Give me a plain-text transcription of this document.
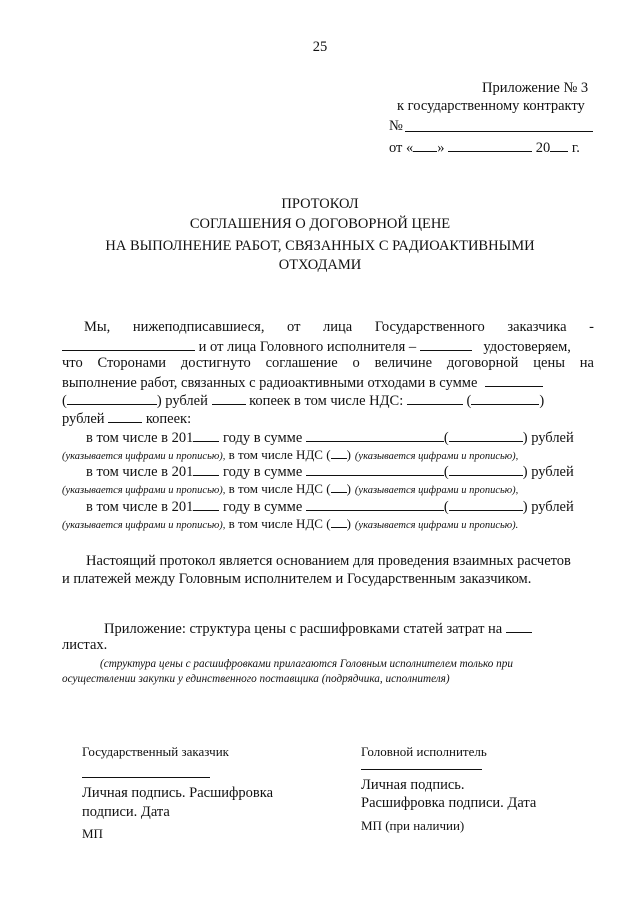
25
Приложение № 3
к государственному контракту
№
от « »	20 г.
ПРОТОКОЛ
СОГЛАШЕНИЯ О ДОГОВОРНОЙ ЦЕНЕ
НА ВЫПОЛНЕНИЕ РАБОТ, СВЯЗАННЫХ С РАДИОАКТИВНЫМИ
ОТХОДАМИ
Мы, нижеподписавшиеся, от лица Государственного заказчика -
и от лица Головного исполнителя –	удостоверяем,
что Сторонами достигнуто соглашение о величине договорной цены на
выполнение работ, связанных с радиоактивными отходами в сумме
(	) рублей	копеек в том числе НДС:	(	)
рублей	копеек:
в том числе в 201 году в сумме	(	) рублей
(указывается цифрами и прописью), в том числе НДС ( ) (указывается цифрами и прописью),
в том числе в 201 году в сумме	(	) рублей
(указывается цифрами и прописью), в том числе НДС ( ) (указывается цифрами и прописью),
в том числе в 201 году в сумме	(	) рублей
(указывается цифрами и прописью), в том числе НДС ( ) (указывается цифрами и прописью).
Настоящий протокол является основанием для проведения взаимных расчетов
и платежей между Головным исполнителем и Государственным заказчиком.
Приложение: структура цены с расшифровками статей затрат на
листах.
(структура цены с расшифровками прилагаются Головным исполнителем только при
осуществлении закупки у единственного поставщика (подрядчика, исполнителя)
Государственный заказчик
Личная подпись. Расшифровка
подписи. Дата
МП
Головной исполнитель
Личная подпись.
Расшифровка подписи. Дата
МП (при наличии)
